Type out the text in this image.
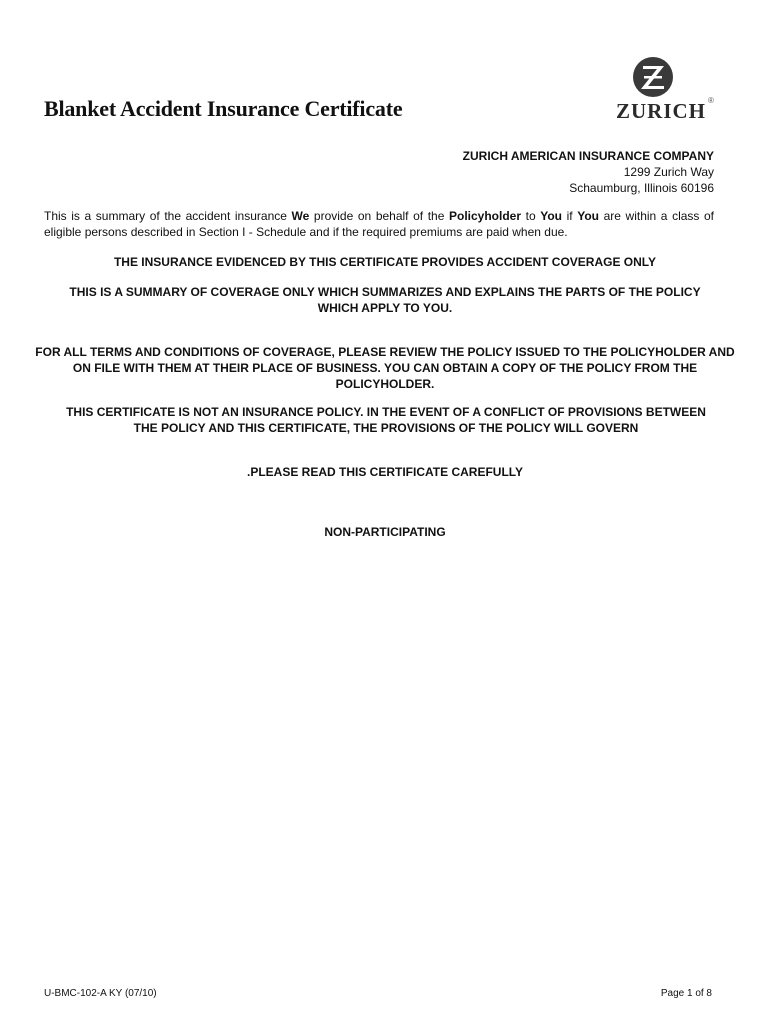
Blanket Accident Insurance Certificate	ZURICH ®
ZURICH AMERICAN INSURANCE COMPANY
1299 Zurich Way
Schaumburg, Illinois 60196

This is a summary of the accident insurance We provide on behalf of the Policyholder to You if You are within a class of eligible persons described in Section I - Schedule and if the required premiums are paid when due.

THE INSURANCE EVIDENCED BY THIS CERTIFICATE PROVIDES ACCIDENT COVERAGE ONLY

THIS IS A SUMMARY OF COVERAGE ONLY WHICH SUMMARIZES AND EXPLAINS THE PARTS OF THE POLICY WHICH APPLY TO YOU.

FOR ALL TERMS AND CONDITIONS OF COVERAGE, PLEASE REVIEW THE POLICY ISSUED TO THE POLICYHOLDER AND ON FILE WITH THEM AT THEIR PLACE OF BUSINESS. YOU CAN OBTAIN A COPY OF THE POLICY FROM THE POLICYHOLDER.

THIS CERTIFICATE IS NOT AN INSURANCE POLICY. IN THE EVENT OF A CONFLICT OF PROVISIONS BETWEEN THE POLICY AND THIS CERTIFICATE, THE PROVISIONS OF THE POLICY WILL GOVERN

.PLEASE READ THIS CERTIFICATE CAREFULLY

NON-PARTICIPATING

U-BMC-102-A KY (07/10)	Page 1 of 8
